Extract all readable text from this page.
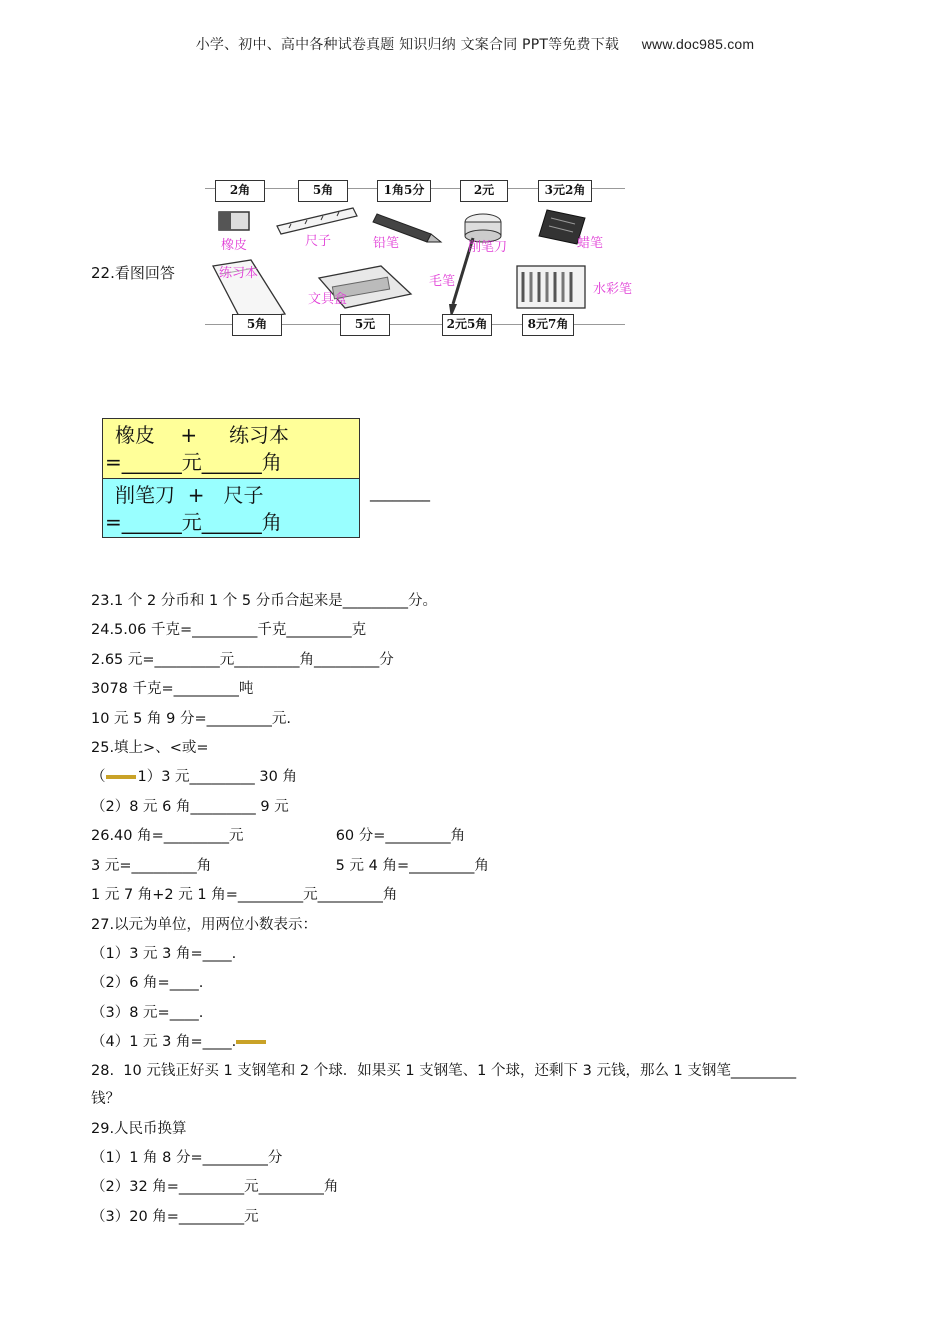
小学、初中、高中各种试卷真题 知识归纳 文案合同 PPT等免费下载 www.doc985.com
22.看图回答
2角	5角	1角5分	2元	3元2角
橡皮	尺子	铅笔	削笔刀	蜡笔
练习本
文具盒
毛笔
水彩笔
5角	5元	2元5角	8元7角
橡皮    +     练习本
=______元______角
削笔刀  +   尺子
=______元______角
________
23.1 个 2 分币和 1 个 5 分币合起来是_________分。
24.5.06 千克=_________千克_________克
2.65 元=_________元_________角_________分
3078 千克=_________吨
10 元 5 角 9 分=_________元.
25.填上>、<或=
（ 1）3 元_________ 30 角
（2）8 元 6 角_________ 9 元
26.40 角=_________元                    60 分=_________角
3 元=_________角                           5 元 4 角=_________角
1 元 7 角+2 元 1 角=_________元_________角
27.以元为单位，用两位小数表示：
（1）3 元 3 角=____.
（2）6 角=____.
（3）8 元=____.
（4）1 元 3 角=____.
28.  10 元钱正好买 1 支钢笔和 2 个球．如果买 1 支钢笔、1 个球，还剩下 3 元钱，那么 1 支钢笔_________
钱？
29.人民币换算
（1）1 角 8 分=_________分
（2）32 角=_________元_________角
（3）20 角=_________元
